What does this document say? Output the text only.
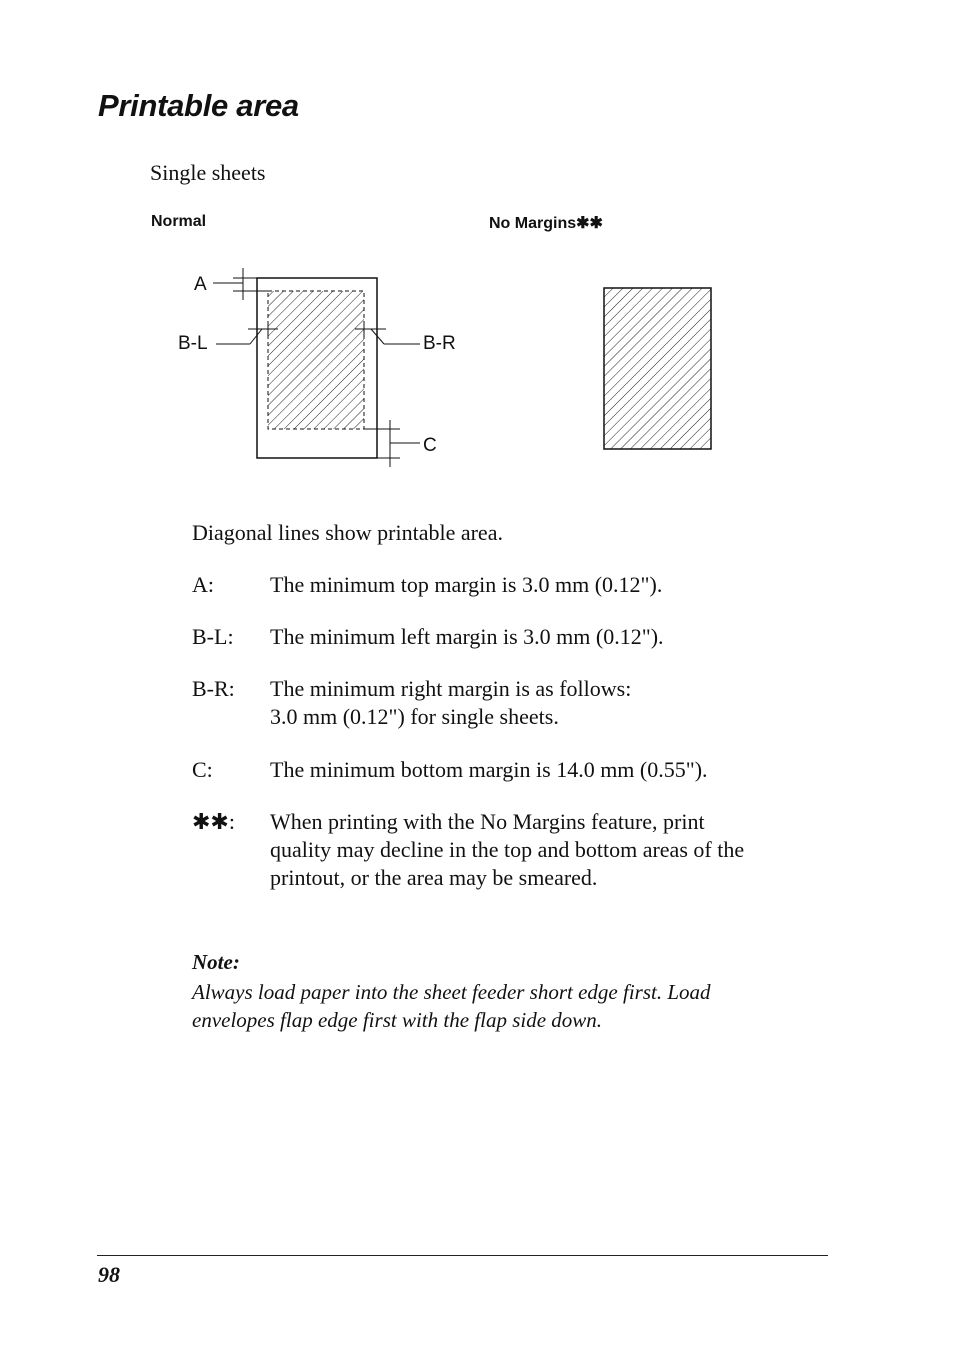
Printable area
Single sheets
Normal	No Margins✱✱
A
B-L	B-R
C
Diagonal lines show printable area.
A:	The minimum top margin is 3.0 mm (0.12").
B-L:	The minimum left margin is 3.0 mm (0.12").
B-R:	The minimum right margin is as follows:
3.0 mm (0.12") for single sheets.
C:	The minimum bottom margin is 14.0 mm (0.55").
✱✱:	When printing with the No Margins feature, print
quality may decline in the top and bottom areas of the
printout, or the area may be smeared.
Note:
Always load paper into the sheet feeder short edge first. Load
envelopes flap edge first with the flap side down.
98
